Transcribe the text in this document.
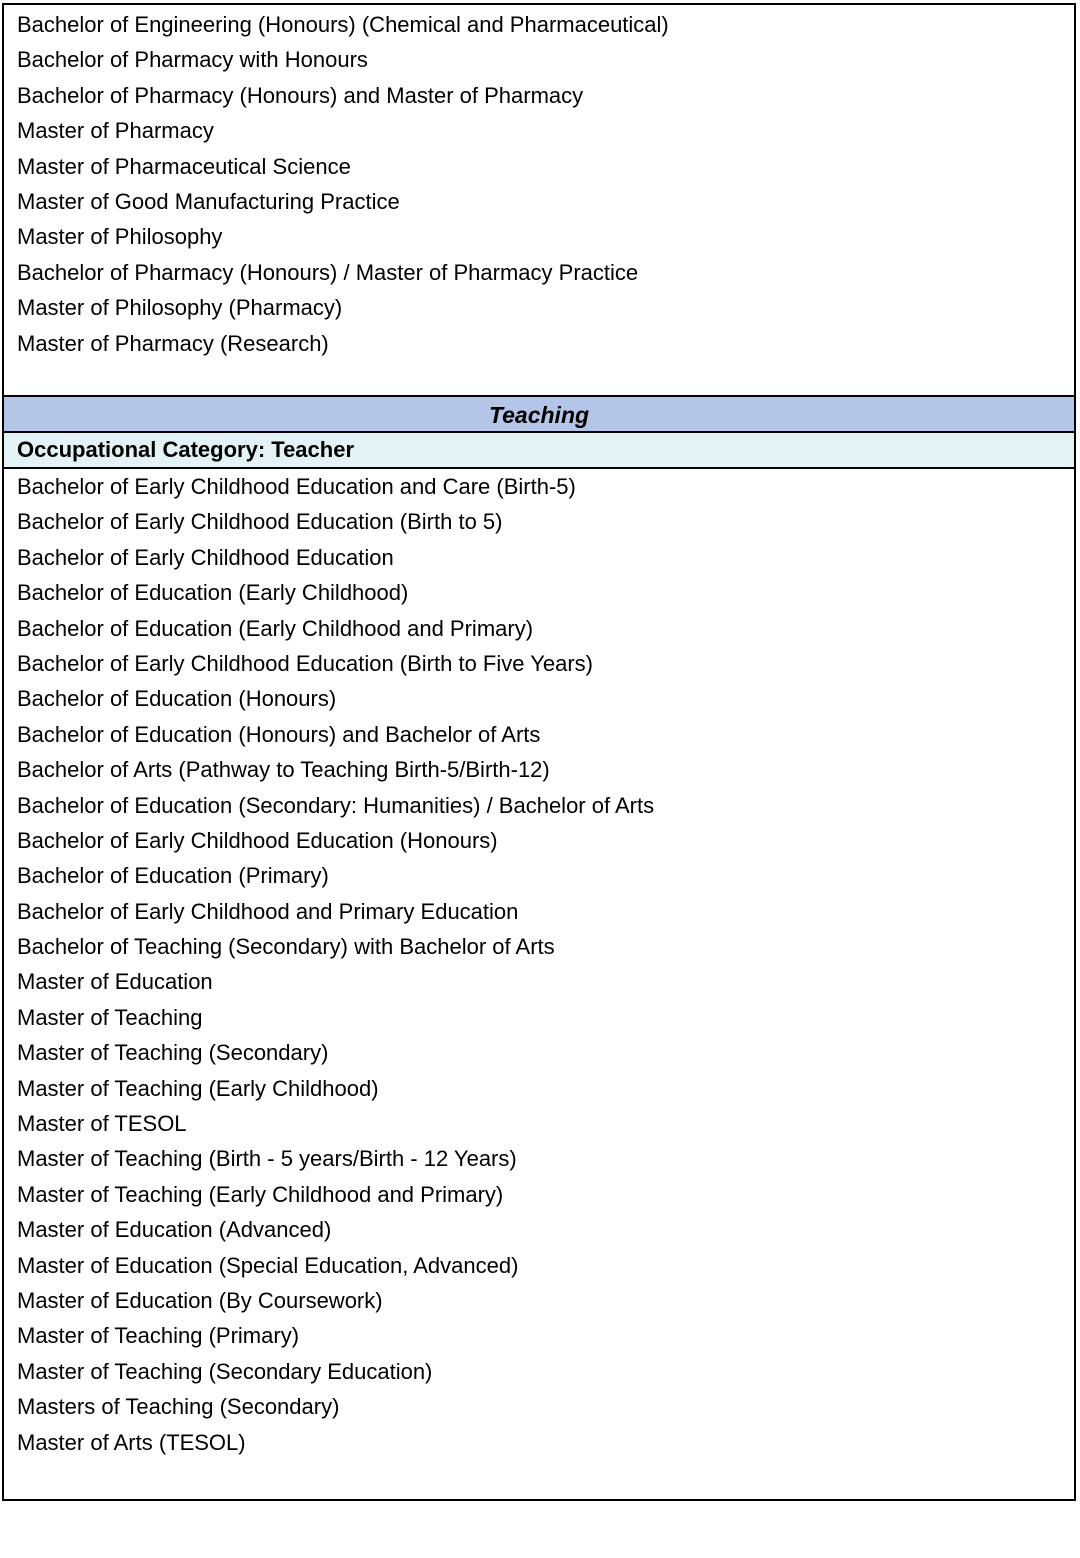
Bachelor of Engineering (Honours) (Chemical and Pharmaceutical)
Bachelor of Pharmacy with Honours
Bachelor of Pharmacy (Honours) and Master of Pharmacy
Master of Pharmacy
Master of Pharmaceutical Science
Master of Good Manufacturing Practice
Master of Philosophy
Bachelor of Pharmacy (Honours) / Master of Pharmacy Practice
Master of Philosophy (Pharmacy)
Master of Pharmacy (Research)
Teaching
Occupational Category: Teacher
Bachelor of Early Childhood Education and Care (Birth-5)
Bachelor of Early Childhood Education (Birth to 5)
Bachelor of Early Childhood Education
Bachelor of Education (Early Childhood)
Bachelor of Education (Early Childhood and Primary)
Bachelor of Early Childhood Education (Birth to Five Years)
Bachelor of Education (Honours)
Bachelor of Education (Honours) and Bachelor of Arts
Bachelor of Arts (Pathway to Teaching Birth-5/Birth-12)
Bachelor of Education (Secondary: Humanities) / Bachelor of Arts
Bachelor of Early Childhood Education (Honours)
Bachelor of Education (Primary)
Bachelor of Early Childhood and Primary Education
Bachelor of Teaching (Secondary) with Bachelor of Arts
Master of Education
Master of Teaching
Master of Teaching (Secondary)
Master of Teaching (Early Childhood)
Master of TESOL
Master of Teaching (Birth - 5 years/Birth - 12 Years)
Master of Teaching (Early Childhood and Primary)
Master of Education (Advanced)
Master of Education (Special Education, Advanced)
Master of Education (By Coursework)
Master of Teaching (Primary)
Master of Teaching (Secondary Education)
Masters of Teaching (Secondary)
Master of Arts (TESOL)
